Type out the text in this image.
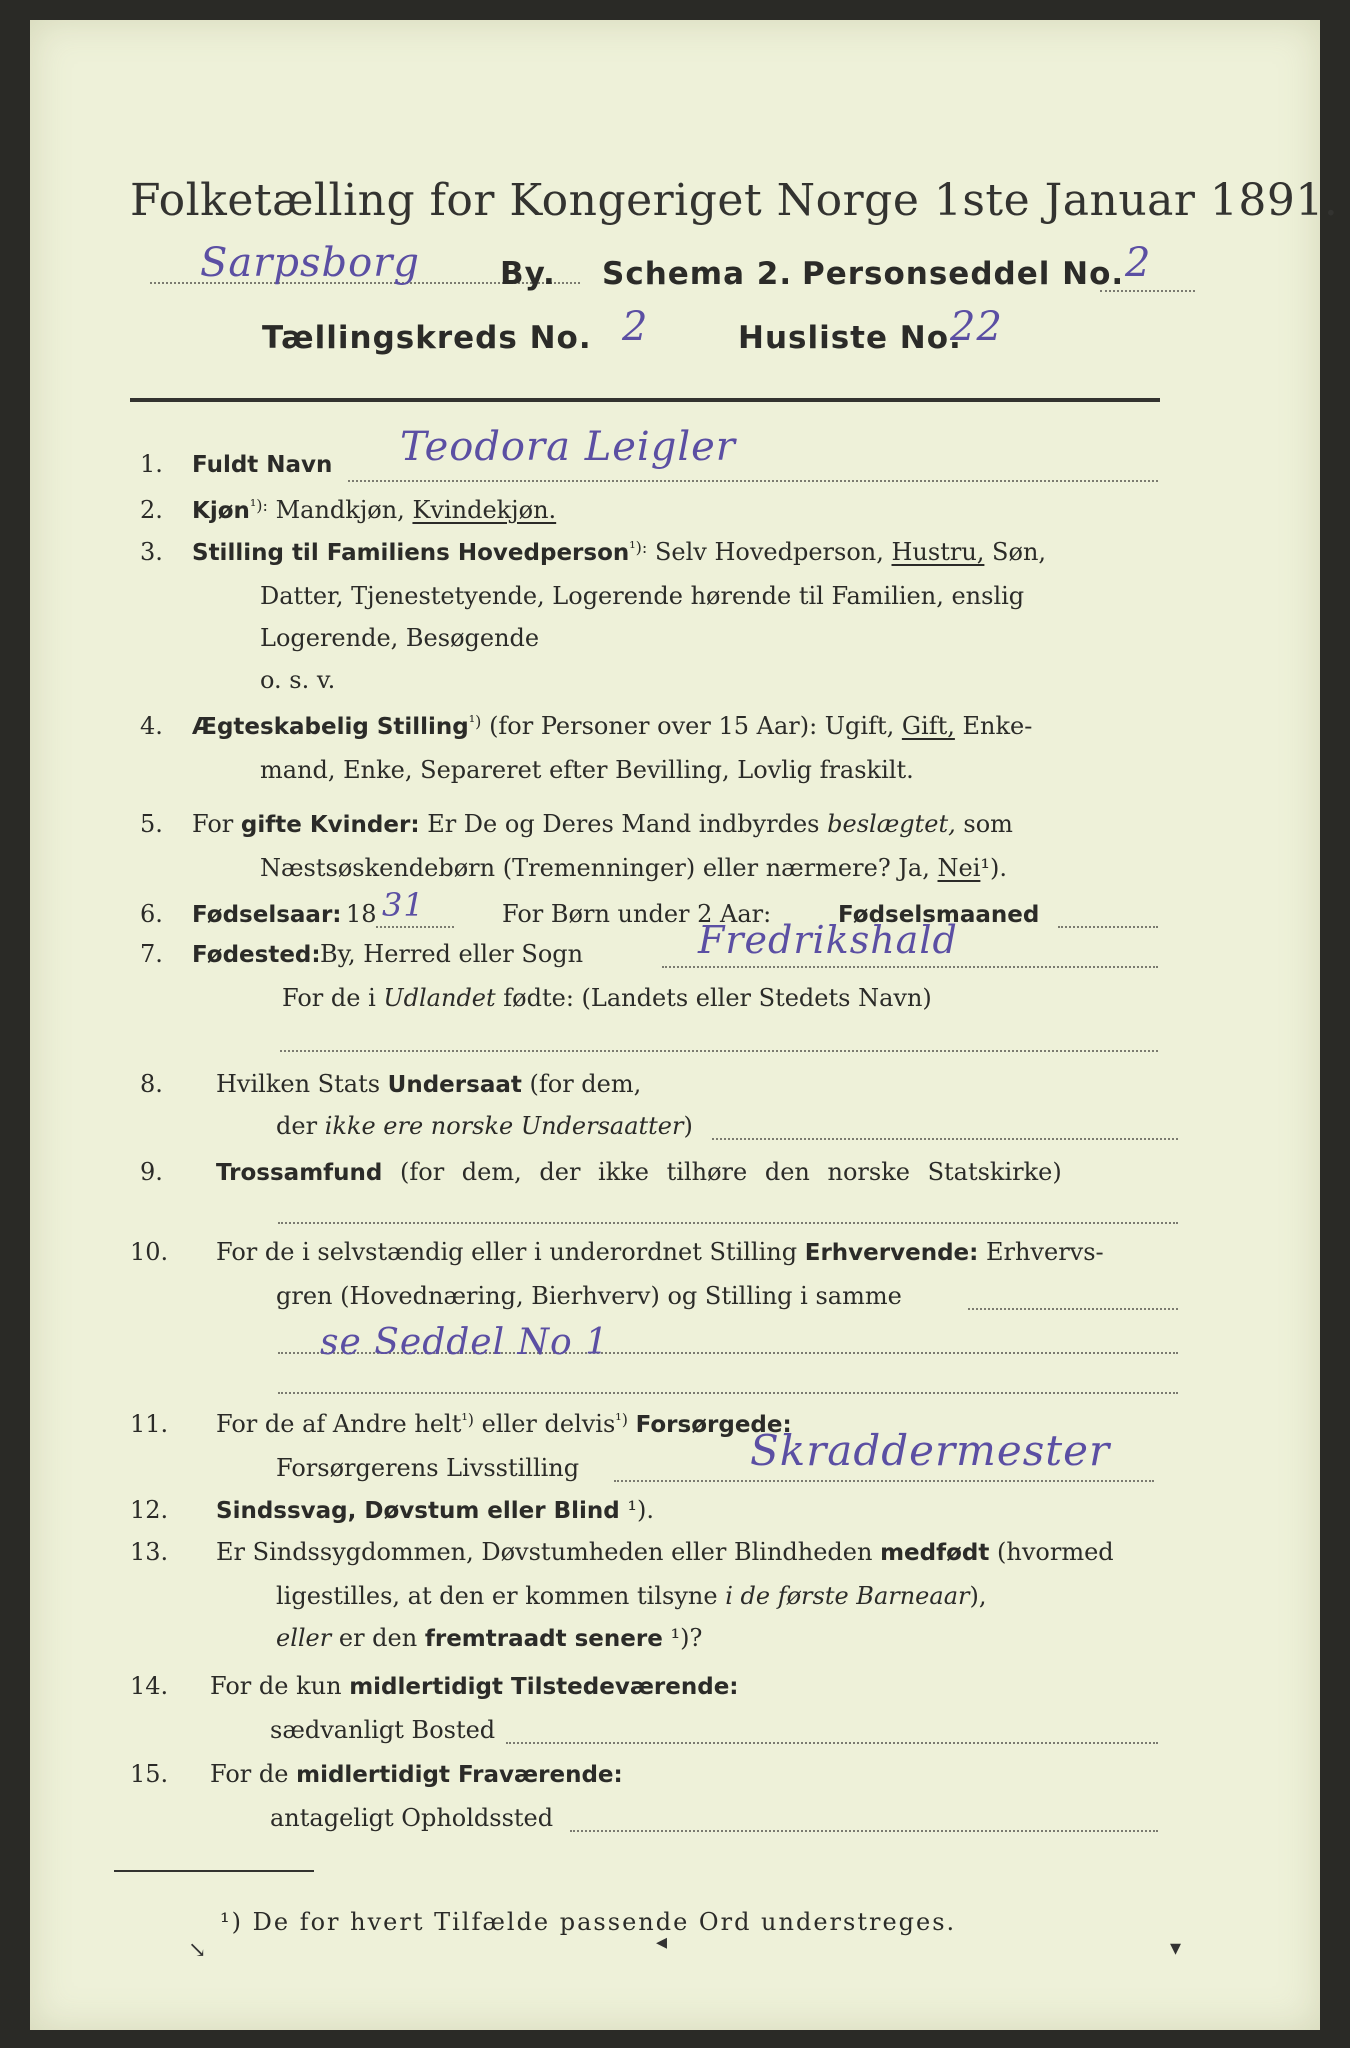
Folketælling for Kongeriget Norge 1ste Januar 1891.
Sarpsborg	By. Schema 2. Personseddel No. 2
Tællingskreds No. 2	Husliste No.
22
1. Fuldt Navn Teodora Leigler
2. Kjøn$^{^1):}$ Mandkjøn, Kvindekjøn.
3. Stilling til Familiens Hovedperson$^{^1):}$ Selv Hovedperson, Hustru, Søn,
Datter, Tjenestetyende, Logerende hørende til Familien, enslig
Logerende, Besøgende
o. s. v.
4. Ægteskabelig Stilling$^{^1)}$ (for Personer over 15 Aar): Ugift, Gift, Enke-
mand, Enke, Separeret efter Bevilling, Lovlig fraskilt.
5. For gifte Kvinder: Er De og Deres Mand indbyrdes beslægtet, som
Næstsøskendebørn (Tremenninger) eller nærmere? Ja, Nei¹).
6. Fødselsaar: 18 31	For Børn under 2 Aar:	Fødselsmaaned
7. Fødested: By, Herred eller Sogn	Fredrikshald
For de i Udlandet fødte: (Landets eller Stedets Navn)
8. Hvilken Stats Undersaat (for dem,
der ikke ere norske Undersaatter)
9. Trossamfund (for dem, der ikke tilhøre den norske Statskirke)
10. For de i selvstændig eller i underordnet Stilling Erhvervende: Erhvervs-
gren (Hovednæring, Bierhverv) og Stilling i samme
se Seddel No 1
11. For de af Andre helt$^{^1)}$ eller delvis$^{^1)}$ Forsørgede:
Forsørgerens Livsstilling	Skraddermester
12. Sindssvag, Døvstum eller Blind ¹).
13. Er Sindssygdommen, Døvstumheden eller Blindheden medfødt (hvormed
ligestilles, at den er kommen tilsyne i de første Barneaar),
eller er den fremtraadt senere ¹)?
14. For de kun midlertidigt Tilstedeværende:
sædvanligt Bosted
15. For de midlertidigt Fraværende:
antageligt Opholdssted
¹) De for hvert Tilfælde passende Ord understreges.
↘	◂	▾
